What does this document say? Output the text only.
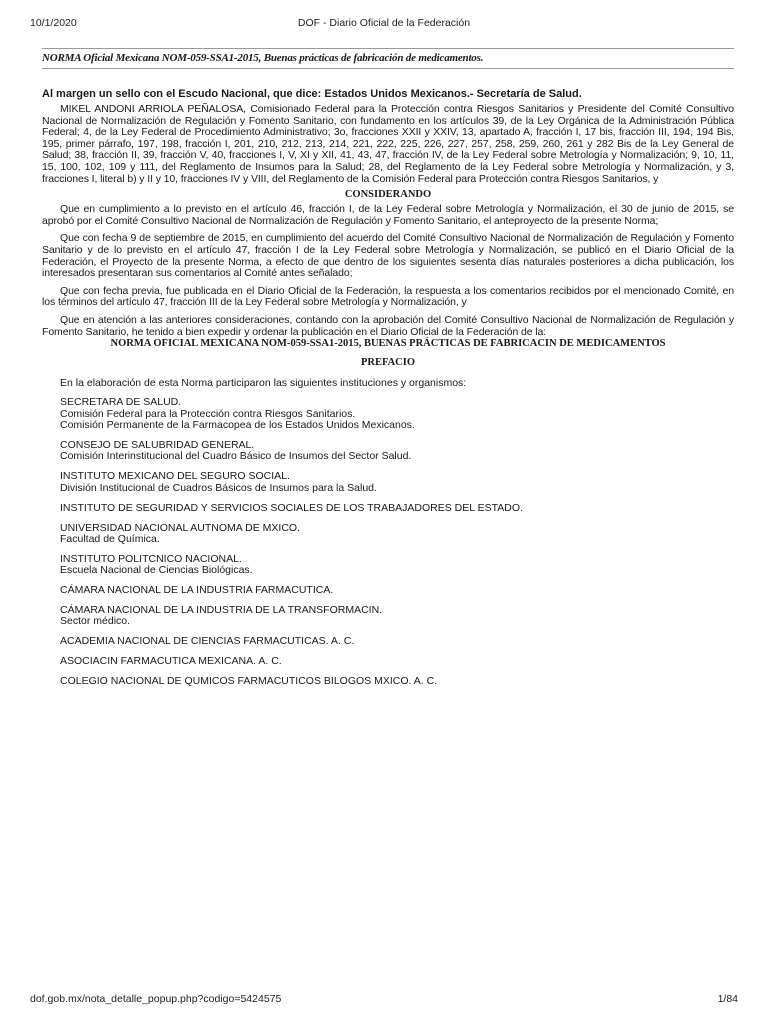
10/1/2020	DOF - Diario Oficial de la Federación
NORMA Oficial Mexicana NOM-059-SSA1-2015, Buenas prácticas de fabricación de medicamentos.
Al margen un sello con el Escudo Nacional, que dice: Estados Unidos Mexicanos.- Secretaría de Salud.
MIKEL ANDONI ARRIOLA PEÑALOSA, Comisionado Federal para la Protección contra Riesgos Sanitarios y Presidente del Comité Consultivo Nacional de Normalización de Regulación y Fomento Sanitario, con fundamento en los artículos 39, de la Ley Orgánica de la Administración Pública Federal; 4, de la Ley Federal de Procedimiento Administrativo; 3o, fracciones XXII y XXIV, 13, apartado A, fracción I, 17 bis, fracción III, 194, 194 Bis, 195, primer párrafo, 197, 198, fracción I, 201, 210, 212, 213, 214, 221, 222, 225, 226, 227, 257, 258, 259, 260, 261 y 282 Bis de la Ley General de Salud; 38, fracción II, 39, fracción V, 40, fracciones I, V, XI y XII, 41, 43, 47, fracción IV, de la Ley Federal sobre Metrología y Normalización; 9, 10, 11, 15, 100, 102, 109 y 111, del Reglamento de Insumos para la Salud; 28, del Reglamento de la Ley Federal sobre Metrología y Normalización, y 3, fracciones I, literal b) y II y 10, fracciones IV y VIII, del Reglamento de la Comisión Federal para Protección contra Riesgos Sanitarios, y
CONSIDERANDO
Que en cumplimiento a lo previsto en el artículo 46, fracción I, de la Ley Federal sobre Metrología y Normalización, el 30 de junio de 2015, se aprobó por el Comité Consultivo Nacional de Normalización de Regulación y Fomento Sanitario, el anteproyecto de la presente Norma;
Que con fecha 9 de septiembre de 2015, en cumplimiento del acuerdo del Comité Consultivo Nacional de Normalización de Regulación y Fomento Sanitario y de lo previsto en el artículo 47, fracción I de la Ley Federal sobre Metrología y Normalización, se publicó en el Diario Oficial de la Federación, el Proyecto de la presente Norma, a efecto de que dentro de los siguientes sesenta días naturales posteriores a dicha publicación, los interesados presentaran sus comentarios al Comité antes señalado;
Que con fecha previa, fue publicada en el Diario Oficial de la Federación, la respuesta a los comentarios recibidos por el mencionado Comité, en los términos del artículo 47, fracción III de la Ley Federal sobre Metrología y Normalización, y
Que en atención a las anteriores consideraciones, contando con la aprobación del Comité Consultivo Nacional de Normalización de Regulación y Fomento Sanitario, he tenido a bien expedir y ordenar la publicación en el Diario Oficial de la Federación de la:
NORMA OFICIAL MEXICANA NOM-059-SSA1-2015, BUENAS PRÁCTICAS DE FABRICACIN DE MEDICAMENTOS
PREFACIO
En la elaboración de esta Norma participaron las siguientes instituciones y organismos:
SECRETARA DE SALUD.
Comisión Federal para la Protección contra Riesgos Sanitarios.
Comisión Permanente de la Farmacopea de los Estados Unidos Mexicanos.
CONSEJO DE SALUBRIDAD GENERAL.
Comisión Interinstitucional del Cuadro Básico de Insumos del Sector Salud.
INSTITUTO MEXICANO DEL SEGURO SOCIAL.
División Institucional de Cuadros Básicos de Insumos para la Salud.
INSTITUTO DE SEGURIDAD Y SERVICIOS SOCIALES DE LOS TRABAJADORES DEL ESTADO.
UNIVERSIDAD NACIONAL AUTNOMA DE MXICO.
Facultad de Química.
INSTITUTO POLITCNICO NACIONAL.
Escuela Nacional de Ciencias Biológicas.
CÁMARA NACIONAL DE LA INDUSTRIA FARMACUTICA.
CÁMARA NACIONAL DE LA INDUSTRIA DE LA TRANSFORMACIN.
Sector médico.
ACADEMIA NACIONAL DE CIENCIAS FARMACUTICAS. A. C.
ASOCIACIN FARMACUTICA MEXICANA. A. C.
COLEGIO NACIONAL DE QUMICOS FARMACUTICOS BILOGOS MXICO. A. C.
dof.gob.mx/nota_detalle_popup.php?codigo=5424575	1/84
